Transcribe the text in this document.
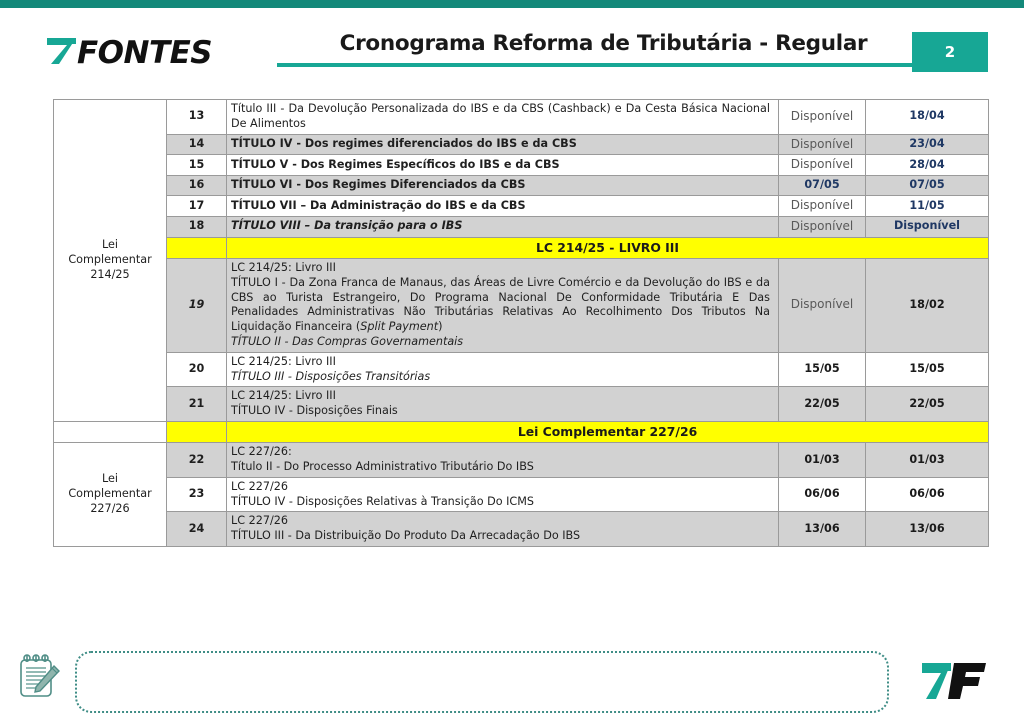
FONTES	Cronograma Reforma de Tributária - Regular	2
Lei
Complementar
214/25	13	Título III - Da Devolução Personalizada do IBS e da CBS (Cashback) e Da Cesta Básica Nacional De Alimentos	Disponível	18/04
	14	TÍTULO IV - Dos regimes diferenciados do IBS e da CBS	Disponível	23/04
	15	TÍTULO V - Dos Regimes Específicos do IBS e da CBS	Disponível	28/04
	16	TÍTULO VI - Dos Regimes Diferenciados da CBS	07/05	07/05
	17	TÍTULO VII – Da Administração do IBS e da CBS	Disponível	11/05
	18	TÍTULO VIII – Da transição para o IBS	Disponível	Disponível
		LC 214/25 - LIVRO III		
	19	LC 214/25: Livro III
TÍTULO I - Da Zona Franca de Manaus, das Áreas de Livre Comércio e da Devolução do IBS e da CBS ao Turista Estrangeiro, Do Programa Nacional De Conformidade Tributária E Das Penalidades Administrativas Não Tributárias Relativas Ao Recolhimento Dos Tributos Na Liquidação Financeira (Split Payment)
TÍTULO II - Das Compras Governamentais	Disponível	18/02
	20	LC 214/25: Livro III
TÍTULO III - Disposições Transitórias	15/05	15/05
	21	LC 214/25: Livro III
TÍTULO IV - Disposições Finais	22/05	22/05
		Lei Complementar 227/26		
Lei
Complementar
227/26	22	LC 227/26:
Título II - Do Processo Administrativo Tributário Do IBS	01/03	01/03
	23	LC 227/26
TÍTULO IV - Disposições Relativas à Transição Do ICMS	06/06	06/06
	24	LC 227/26
TÍTULO III - Da Distribuição Do Produto Da Arrecadação Do IBS	13/06	13/06
